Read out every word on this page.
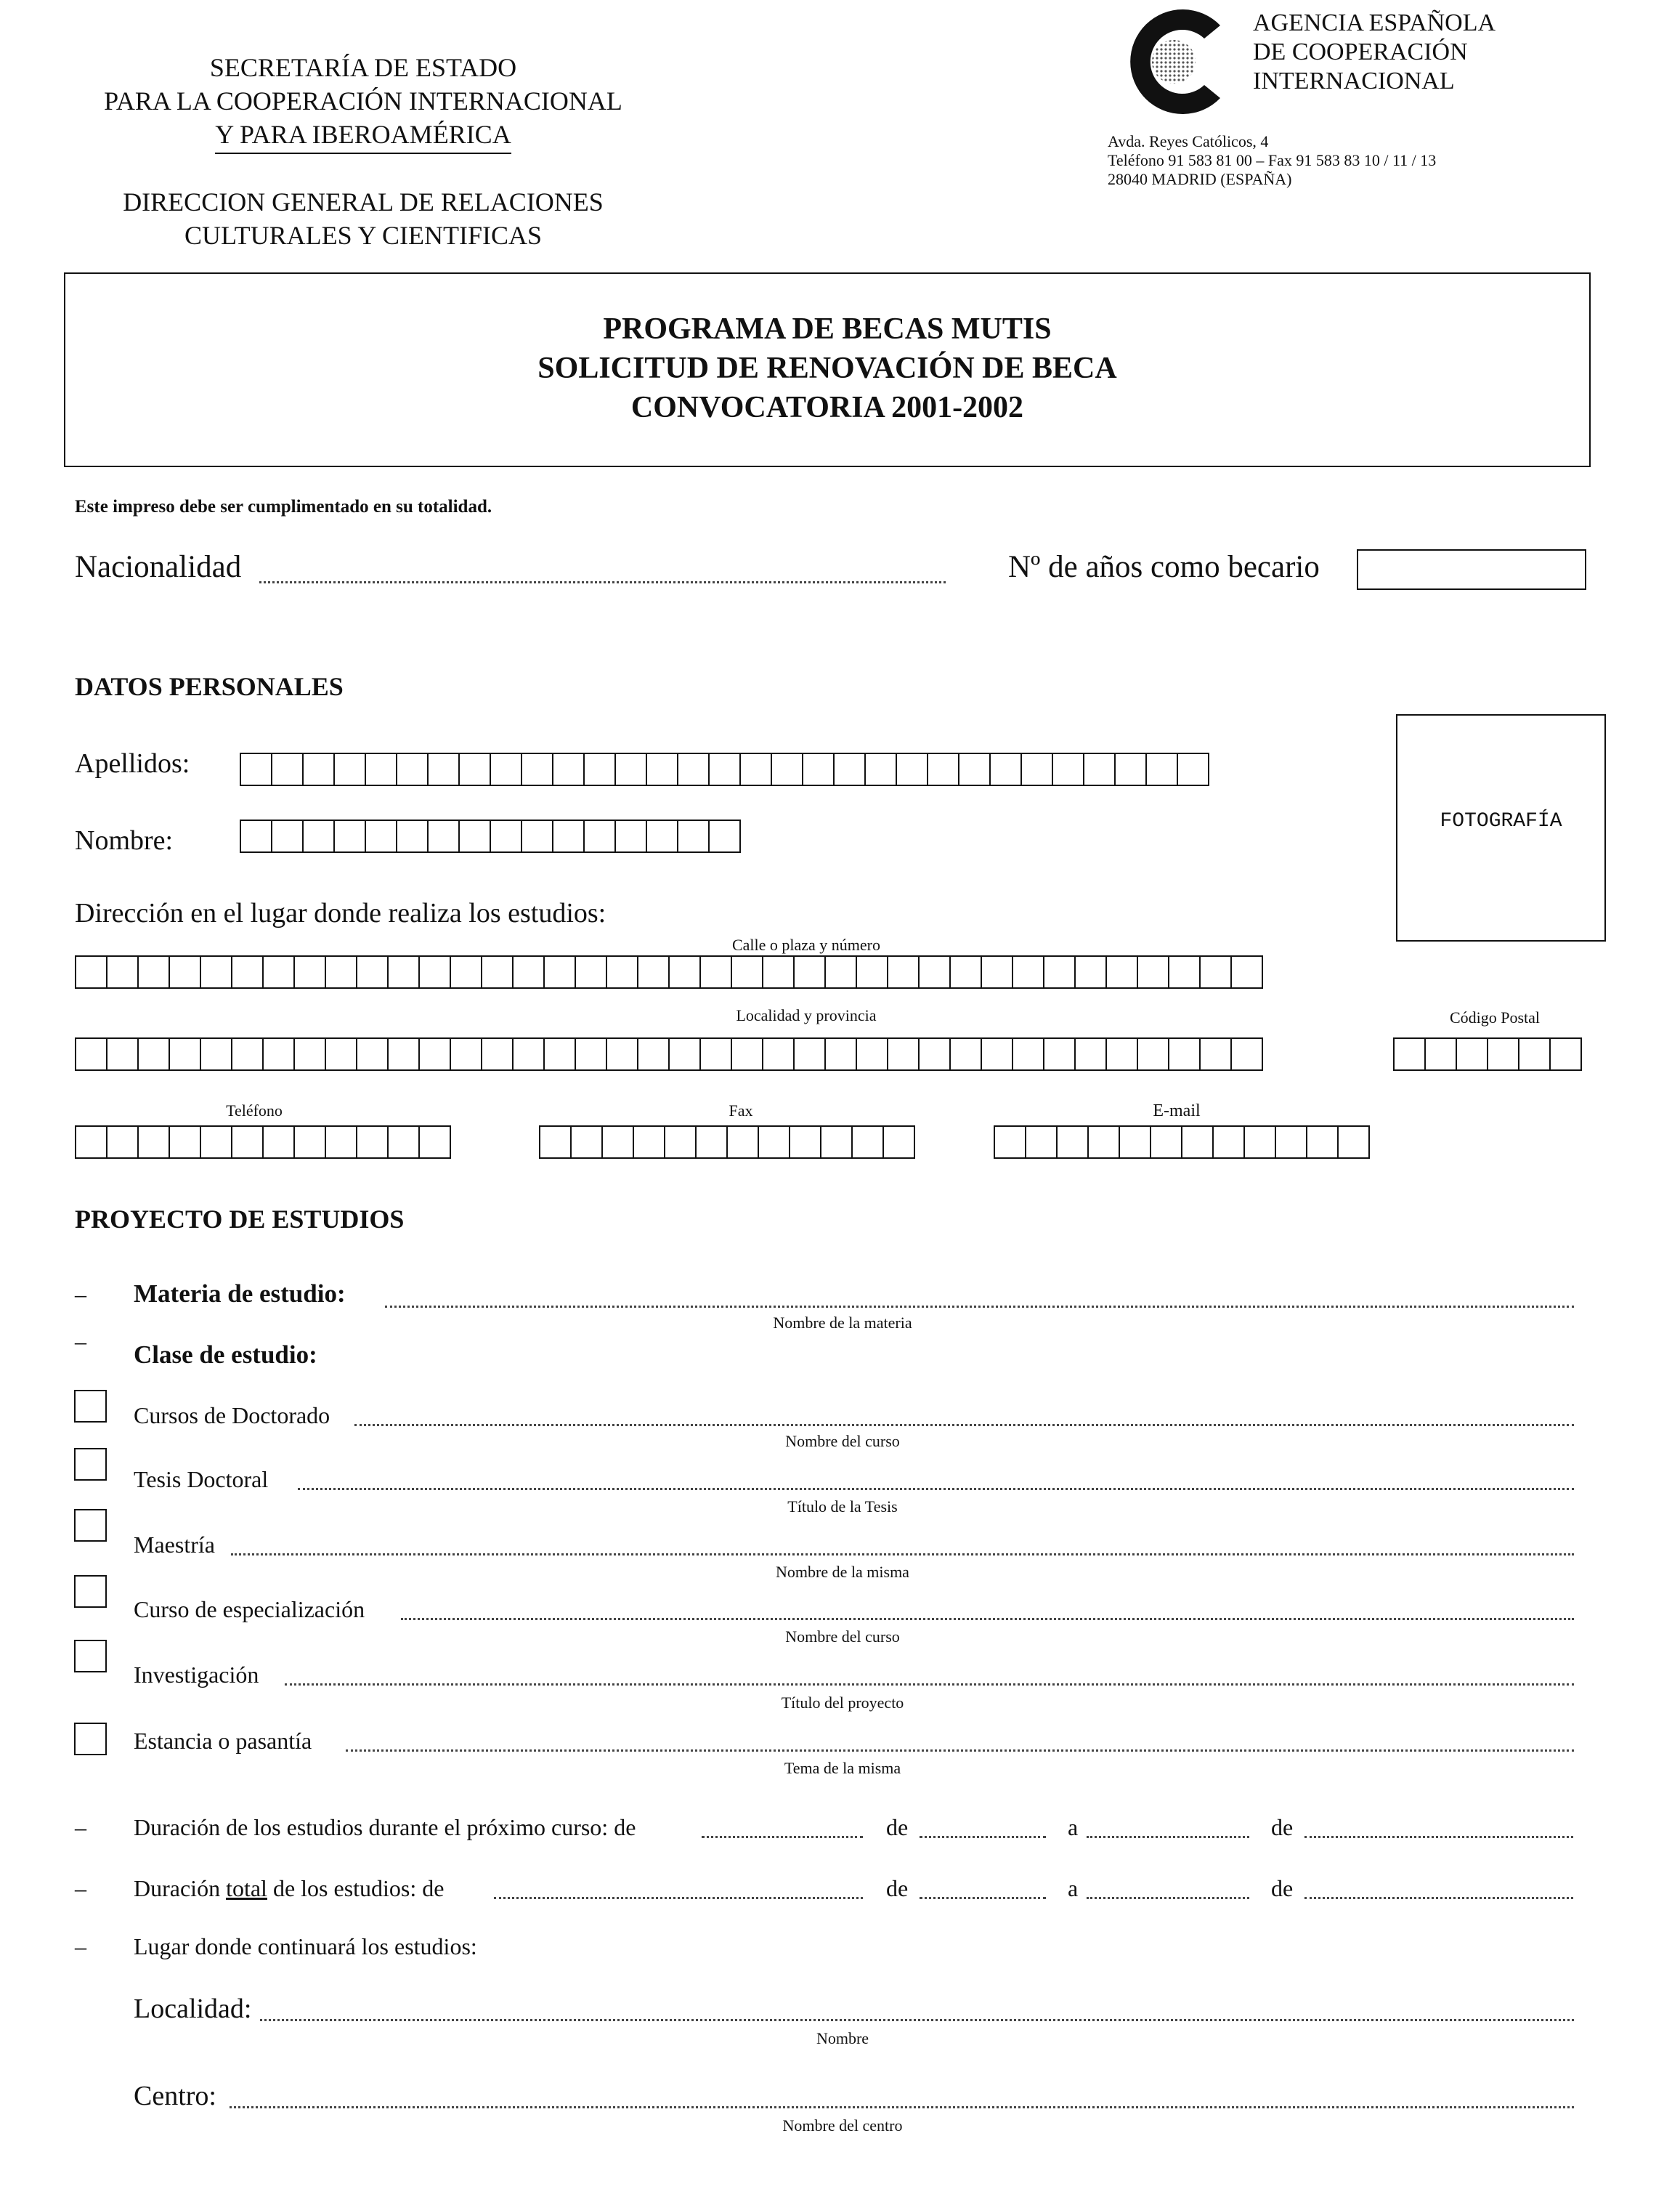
SECRETARÍA DE ESTADO
PARA LA COOPERACIÓN INTERNACIONAL
Y PARA IBEROAMÉRICA
DIRECCION GENERAL DE RELACIONES
CULTURALES Y CIENTIFICAS
AGENCIA ESPAÑOLA
DE COOPERACIÓN
INTERNACIONAL
Avda. Reyes Católicos, 4
Teléfono 91 583 81 00 – Fax 91 583 83 10 / 11 / 13
28040 MADRID (ESPAÑA)
PROGRAMA DE BECAS MUTIS
SOLICITUD DE RENOVACIÓN DE BECA
CONVOCATORIA 2001-2002
Este impreso debe ser cumplimentado en su totalidad.
Nacionalidad	Nº de años como becario
DATOS PERSONALES
Apellidos:
Nombre:
FOTOGRAFÍA
Dirección en el lugar donde realiza los estudios:
Calle o plaza y número
Localidad y provincia	Código Postal
Teléfono	Fax	E-mail
PROYECTO DE ESTUDIOS
– Materia de estudio:
Nombre de la materia
– Clase de estudio:
Cursos de Doctorado
Nombre del curso
Tesis Doctoral
Título de la Tesis
Maestría
Nombre de la misma
Curso de especialización
Nombre del curso
Investigación
Título del proyecto
Estancia o pasantía
Tema de la misma
– Duración de los estudios durante el próximo curso: de	de	a	de
– Duración total de los estudios: de	de	a	de
– Lugar donde continuará los estudios:
Localidad:
Nombre
Centro:
Nombre del centro
